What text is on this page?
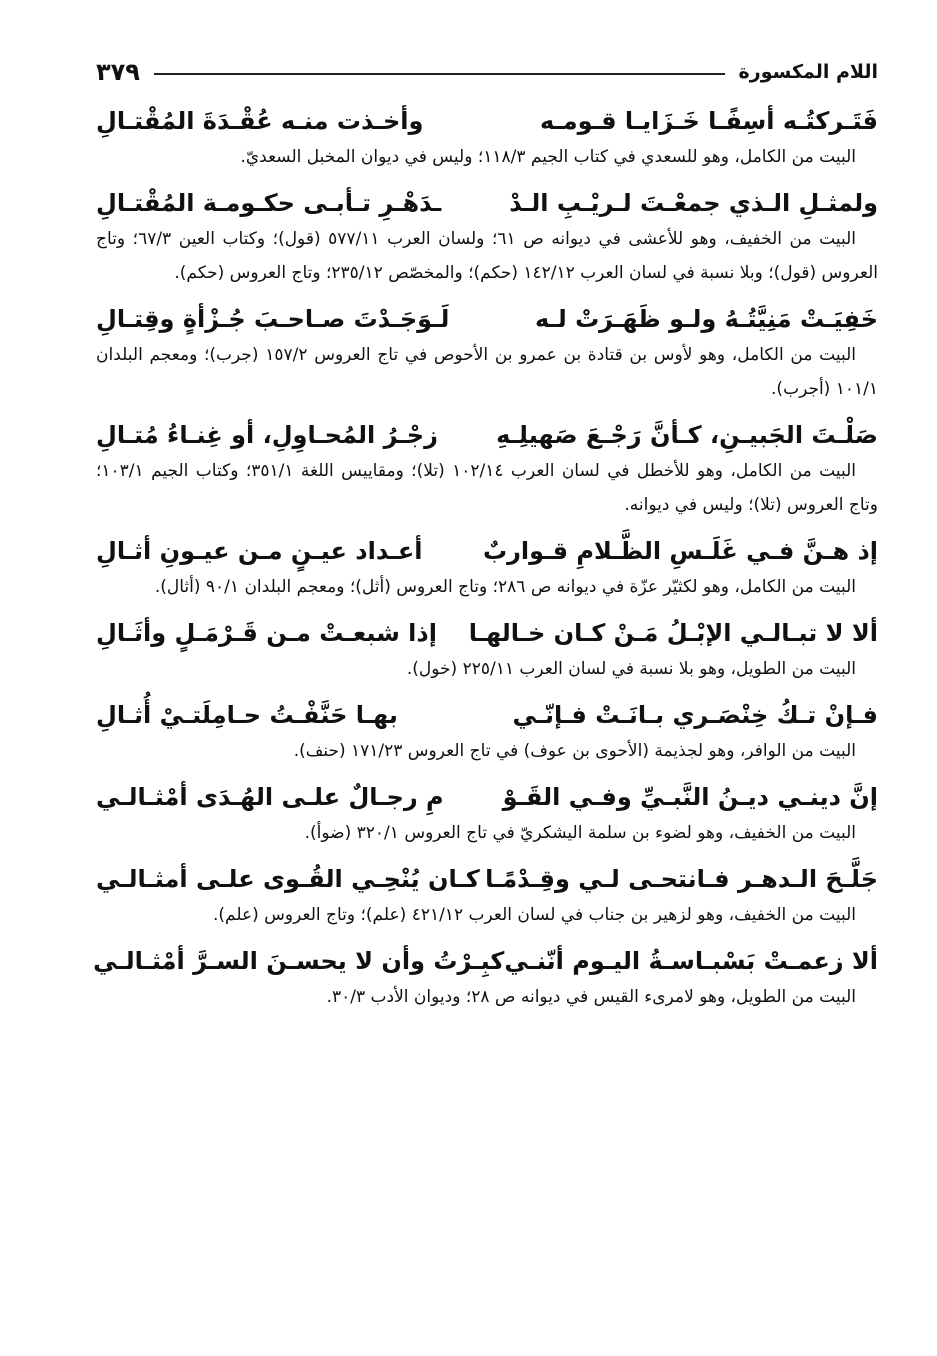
اللام المكسورة
٣٧٩
فَتَـركتُـه أسِفًـا خَـزَايـا قـومـه
وأخـذت منـه عُقْـدَةَ المُقْتـالِ
البيت من الكامل، وهو للسعدي في كتاب الجيم ١١٨/٣؛ وليس في ديوان المخبل السعديّ.
ولمثـلِ الـذي جمعْـتَ لـريْـبِ الـدْ
ـدَهْـرِ تـأبـى حكـومـة المُقْتـالِ
البيت من الخفيف، وهو للأعشى في ديوانه ص ٦١؛ ولسان العرب ٥٧٧/١١ (قول)؛ وكتاب العين ٦٧/٣؛ وتاج العروس (قول)؛ وبلا نسبة في لسان العرب ١٤٢/١٢ (حكم)؛ والمخصّص ٢٣٥/١٢؛ وتاج العروس (حكم).
خَفِيَـتْ مَنِيَّتُـهُ ولـو ظَهَـرَتْ لـه
لَـوَجَـدْتَ صـاحـبَ جُـزْأةٍ وقِتـالِ
البيت من الكامل، وهو لأوس بن قتادة بن عمرو بن الأحوص في تاج العروس ١٥٧/٢ (جرب)؛ ومعجم البلدان ١٠١/١ (أجرب).
صَلْـتَ الجَبيـنِ، كـأنَّ رَجْـعَ صَهيلِـهِ
زجْـرُ المُحـاوِلِ، أو غِنـاءُ مُتـالِ
البيت من الكامل، وهو للأخطل في لسان العرب ١٠٢/١٤ (تلا)؛ ومقاييس اللغة ٣٥١/١؛ وكتاب الجيم ١٠٣/١؛ وتاج العروس (تلا)؛ وليس في ديوانه.
إذ هـنَّ فـي غَلَـسِ الظَّـلامِ قـواربٌ
أعـداد عيـنٍ مـن عيـونِ أثـالِ
البيت من الكامل، وهو لكثيّر عزّة في ديوانه ص ٢٨٦؛ وتاج العروس (أثل)؛ ومعجم البلدان ٩٠/١ (أثال).
ألا لا تبـالـي الإبْـلُ مَـنْ كـان خـالهـا
إذا شبعـتْ مـن قَـرْمَـلٍ وأثَـالِ
البيت من الطويل، وهو بلا نسبة في لسان العرب ٢٢٥/١١ (خول).
فـإنْ تـكُ خِنْصَـري بـانَـتْ فـإنّـي
بهـا حَنَّفْـتُ حـامِلَتـيْ أُثـالِ
البيت من الوافر، وهو لجذيمة (الأحوى بن عوف) في تاج العروس ١٧١/٢٣ (حنف).
إنَّ دينـي ديـنُ النَّبـيِّ وفـي القَـوْ
مِ رجـالٌ علـى الهُـدَى أمْثـالـي
البيت من الخفيف، وهو لضوء بن سلمة اليشكريّ في تاج العروس ٣٢٠/١ (ضوأ).
جَلَّـحَ الـدهـر فـانتحـى لـي وقِـدْمًـا
كـان يُنْحِـي القُـوى علـى أمثـالـي
البيت من الخفيف، وهو لزهير بن جناب في لسان العرب ٤٢١/١٢ (علم)؛ وتاج العروس (علم).
ألا زعمـتْ بَسْبـاسـةُ اليـوم أنّنـي
كبِـرْتُ وأن لا يحسـنَ السـرَّ أمْثـالـي
البيت من الطويل، وهو لامرىء القيس في ديوانه ص ٢٨؛ وديوان الأدب ٣٠/٣.
